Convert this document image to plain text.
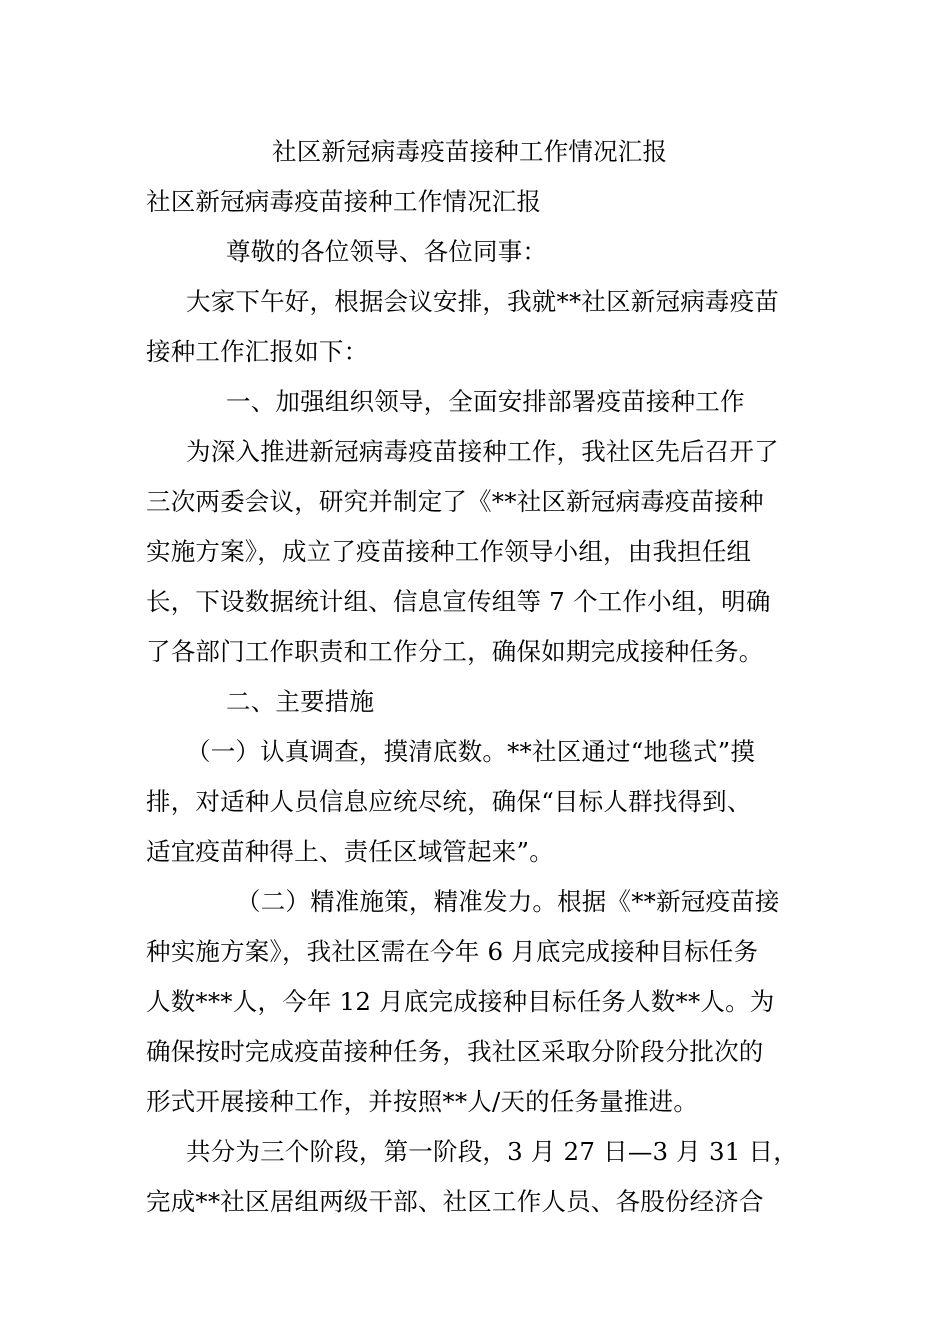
社区新冠病毒疫苗接种工作情况汇报
社区新冠病毒疫苗接种工作情况汇报
尊敬的各位领导、各位同事：
大家下午好，根据会议安排，我就**社区新冠病毒疫苗
接种工作汇报如下：
一、加强组织领导，全面安排部署疫苗接种工作
为深入推进新冠病毒疫苗接种工作，我社区先后召开了
三次两委会议，研究并制定了《**社区新冠病毒疫苗接种
实施方案》，成立了疫苗接种工作领导小组，由我担任组
长，下设数据统计组、信息宣传组等 7 个工作小组，明确
了各部门工作职责和工作分工，确保如期完成接种任务。
二、主要措施
（一）认真调查，摸清底数。**社区通过“地毯式”摸
排，对适种人员信息应统尽统，确保“目标人群找得到、
适宜疫苗种得上、责任区域管起来”。
（二）精准施策，精准发力。根据《**新冠疫苗接
种实施方案》，我社区需在今年 6 月底完成接种目标任务
人数***人，今年 12 月底完成接种目标任务人数**人。为
确保按时完成疫苗接种任务，我社区采取分阶段分批次的
形式开展接种工作，并按照**人/天的任务量推进。
共分为三个阶段，第一阶段，3 月 27 日—3 月 31 日，
完成**社区居组两级干部、社区工作人员、各股份经济合
